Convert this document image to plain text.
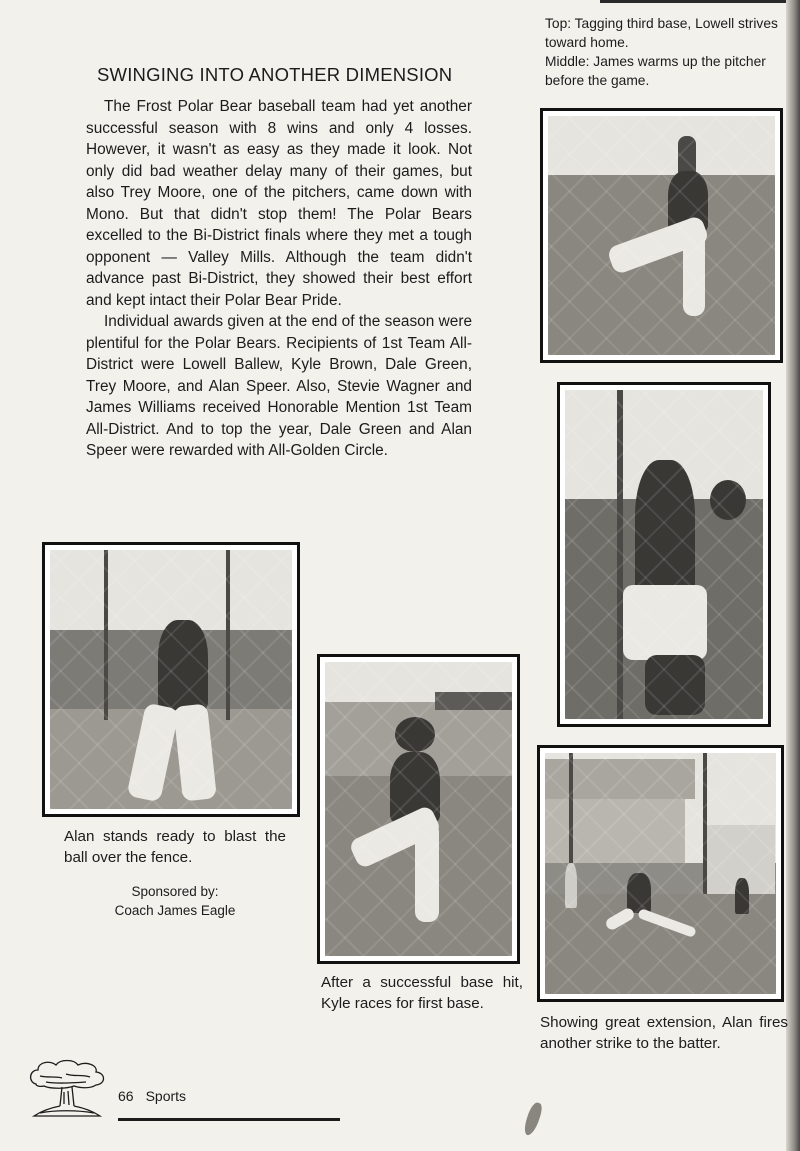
Top: Tagging third base, Lowell strives
toward home.
Middle: James warms up the pitcher
before the game.
SWINGING INTO ANOTHER DIMENSION

The Frost Polar Bear baseball team had yet another successful season with 8 wins and only 4 losses. However, it wasn't as easy as they made it look. Not only did bad weather delay many of their games, but also Trey Moore, one of the pitchers, came down with Mono. But that didn't stop them! The Polar Bears excelled to the Bi-District finals where they met a tough opponent — Valley Mills. Although the team didn't advance past Bi-District, they showed their best effort and kept intact their Polar Bear Pride.

Individual awards given at the end of the season were plentiful for the Polar Bears. Recipients of 1st Team All-District were Lowell Ballew, Kyle Brown, Dale Green, Trey Moore, and Alan Speer. Also, Stevie Wagner and James Williams received Honorable Mention 1st Team All-District. And to top the year, Dale Green and Alan Speer were rewarded with All-Golden Circle.

Alan stands ready to blast the ball over the fence.
After a successful base hit, Kyle races for first base.
Showing great extension, Alan fires another strike to the batter.
Sponsored by:
Coach James Eagle
66 Sports
